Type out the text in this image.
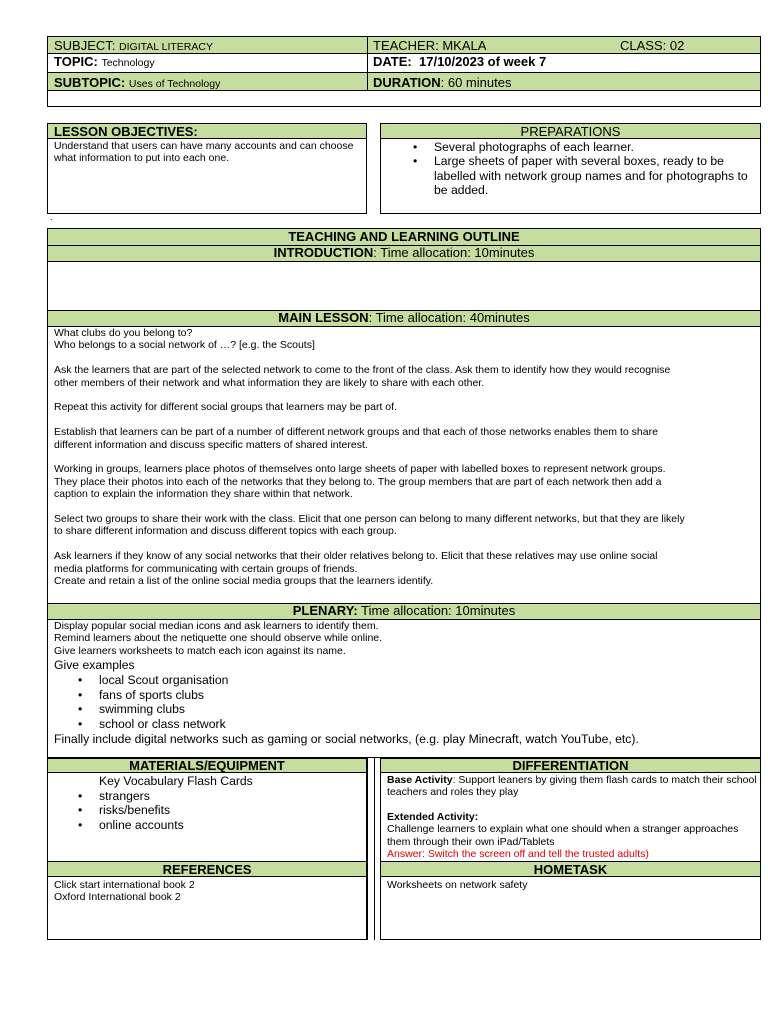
SUBJECT: DIGITAL LITERACY	TEACHER: MKALA	CLASS: 02
TOPIC: Technology	DATE: 17/10/2023 of week 7
SUBTOPIC: Uses of Technology	DURATION: 60 minutes
LESSON OBJECTIVES:
Understand that users can have many accounts and can choose what information to put into each one.
PREPARATIONS
• Several photographs of each learner.
• Large sheets of paper with several boxes, ready to be labelled with network group names and for photographs to be added.
.
TEACHING AND LEARNING OUTLINE
INTRODUCTION: Time allocation: 10minutes
MAIN LESSON: Time allocation: 40minutes

What clubs do you belong to?

Who belongs to a social network of …? [e.g. the Scouts]

Ask the learners that are part of the selected network to come to the front of the class. Ask them to identify how they would recognise

other members of their network and what information they are likely to share with each other.

Repeat this activity for different social groups that learners may be part of.

Establish that learners can be part of a number of different network groups and that each of those networks enables them to share

different information and discuss specific matters of shared interest.

Working in groups, learners place photos of themselves onto large sheets of paper with labelled boxes to represent network groups.

They place their photos into each of the networks that they belong to. The group members that are part of each network then add a

caption to explain the information they share within that network.

Select two groups to share their work with the class. Elicit that one person can belong to many different networks, but that they are likely

to share different information and discuss different topics with each group.

Ask learners if they know of any social networks that their older relatives belong to. Elicit that these relatives may use online social

media platforms for communicating with certain groups of friends.

Create and retain a list of the online social media groups that the learners identify.

PLENARY: Time allocation: 10minutes

Display popular social median icons and ask learners to identify them.

Remind learners about the netiquette one should observe while online.

Give learners worksheets to match each icon against its name.

Give examples

• local Scout organisation
• fans of sports clubs
• swimming clubs
• school or class network

Finally include digital networks such as gaming or social networks, (e.g. play Minecraft, watch YouTube, etc).

MATERIALS/EQUIPMENT

Key Vocabulary Flash Cards

• strangers
• risks/benefits
• online accounts
REFERENCES

Click start international book 2

Oxford International book 2

DIFFERENTIATION

Base Activity: Support leaners by giving them flash cards to match their school teachers and roles they play

Extended Activity:

Challenge learners to explain what one should when a stranger approaches them through their own iPad/Tablets

Answer: Switch the screen off and tell the trusted adults)

HOMETASK
Worksheets on network safety
